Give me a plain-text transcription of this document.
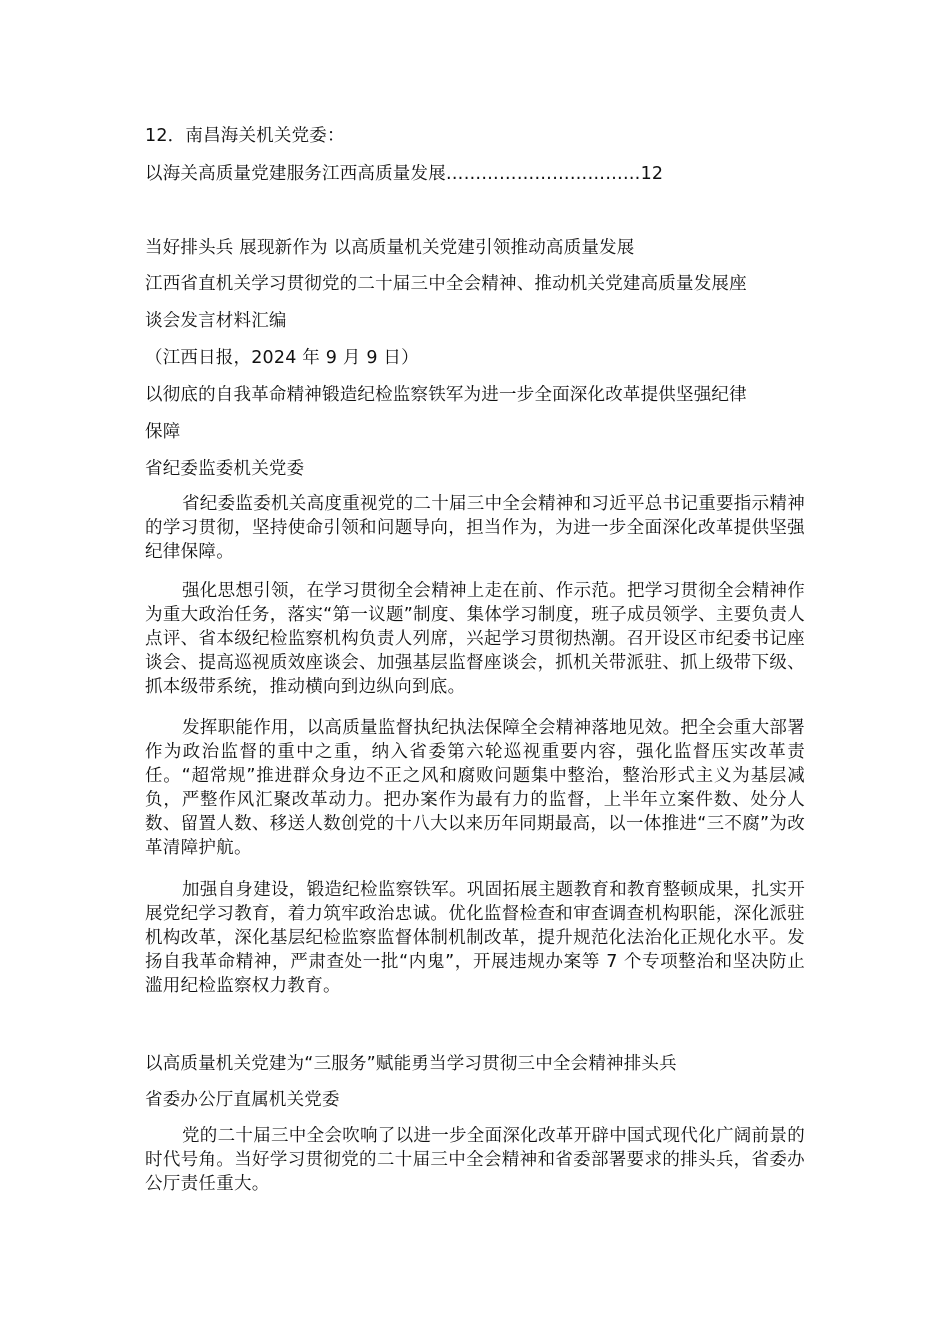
12．南昌海关机关党委：
以海关高质量党建服务江西高质量发展……………………………12
当好排头兵 展现新作为 以高质量机关党建引领推动高质量发展
江西省直机关学习贯彻党的二十届三中全会精神、推动机关党建高质量发展座
谈会发言材料汇编
（江西日报，2024 年 9 月 9 日）
以彻底的自我革命精神锻造纪检监察铁军为进一步全面深化改革提供坚强纪律
保障
省纪委监委机关党委
省纪委监委机关高度重视党的二十届三中全会精神和习近平总书记重要指示精神的学习贯彻，坚持使命引领和问题导向，担当作为，为进一步全面深化改革提供坚强纪律保障。
强化思想引领，在学习贯彻全会精神上走在前、作示范。把学习贯彻全会精神作为重大政治任务，落实“第一议题”制度、集体学习制度，班子成员领学、主要负责人点评、省本级纪检监察机构负责人列席，兴起学习贯彻热潮。召开设区市纪委书记座谈会、提高巡视质效座谈会、加强基层监督座谈会，抓机关带派驻、抓上级带下级、抓本级带系统，推动横向到边纵向到底。
发挥职能作用，以高质量监督执纪执法保障全会精神落地见效。把全会重大部署作为政治监督的重中之重，纳入省委第六轮巡视重要内容，强化监督压实改革责任。“超常规”推进群众身边不正之风和腐败问题集中整治，整治形式主义为基层减负，严整作风汇聚改革动力。把办案作为最有力的监督，上半年立案件数、处分人数、留置人数、移送人数创党的十八大以来历年同期最高，以一体推进“三不腐”为改革清障护航。
加强自身建设，锻造纪检监察铁军。巩固拓展主题教育和教育整顿成果，扎实开展党纪学习教育，着力筑牢政治忠诚。优化监督检查和审查调查机构职能，深化派驻机构改革，深化基层纪检监察监督体制机制改革，提升规范化法治化正规化水平。发扬自我革命精神，严肃查处一批“内鬼”，开展违规办案等 7 个专项整治和坚决防止滥用纪检监察权力教育。
以高质量机关党建为“三服务”赋能勇当学习贯彻三中全会精神排头兵
省委办公厅直属机关党委
党的二十届三中全会吹响了以进一步全面深化改革开辟中国式现代化广阔前景的时代号角。当好学习贯彻党的二十届三中全会精神和省委部署要求的排头兵，省委办公厅责任重大。
